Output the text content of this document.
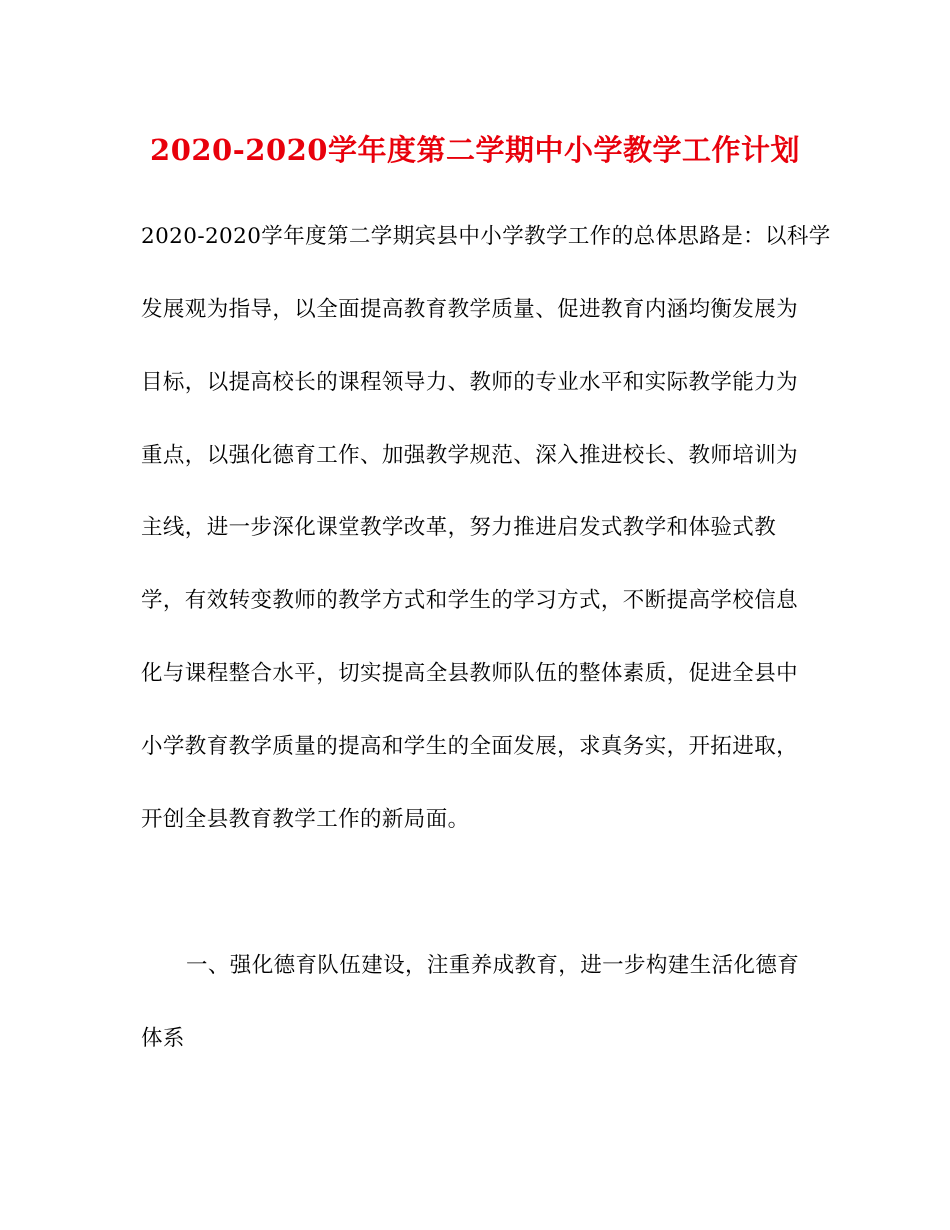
2020-2020学年度第二学期中小学教学工作计划
2020-2020学年度第二学期宾县中小学教学工作的总体思路是：以科学
发展观为指导，以全面提高教育教学质量、促进教育内涵均衡发展为
目标，以提高校长的课程领导力、教师的专业水平和实际教学能力为
重点，以强化德育工作、加强教学规范、深入推进校长、教师培训为
主线，进一步深化课堂教学改革，努力推进启发式教学和体验式教
学，有效转变教师的教学方式和学生的学习方式，不断提高学校信息
化与课程整合水平，切实提高全县教师队伍的整体素质，促进全县中
小学教育教学质量的提高和学生的全面发展，求真务实，开拓进取，
开创全县教育教学工作的新局面。
一、强化德育队伍建设，注重养成教育，进一步构建生活化德育
体系
